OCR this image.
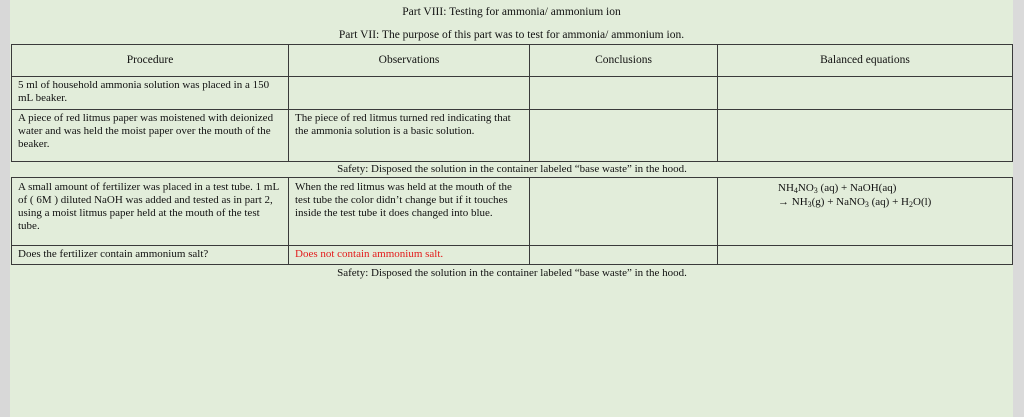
Part VIII: Testing for ammonia/ ammonium ion
Part VII: The purpose of this part was to test for ammonia/ ammonium ion.
Procedure	Observations	Conclusions	Balanced equations
5 ml of household ammonia solution was placed in a 150 mL beaker.			
A piece of red litmus paper was moistened with deionized water and was held the moist paper over the mouth of the beaker.	The piece of red litmus turned red indicating that the ammonia solution is a basic solution.		
Safety: Disposed the solution in the container labeled “base waste” in the hood.			
A small amount of fertilizer was placed in a test tube. 1 mL of ( 6M ) diluted NaOH was added and tested as in part 2, using a moist litmus paper held at the mouth of the test tube.	When the red litmus was held at the mouth of the test tube the color didn’t change but if it touches inside the test tube it does changed into blue.		$NH_4NO_3$ (aq) + NaOH(aq)
→ $NH_3(g)$ + NaNO$_3$ $(aq) + H_2O(l)$

Does the fertilizer contain ammonium salt?	Does not contain ammonium salt.		
Safety: Disposed the solution in the container labeled “base waste” in the hood.			
